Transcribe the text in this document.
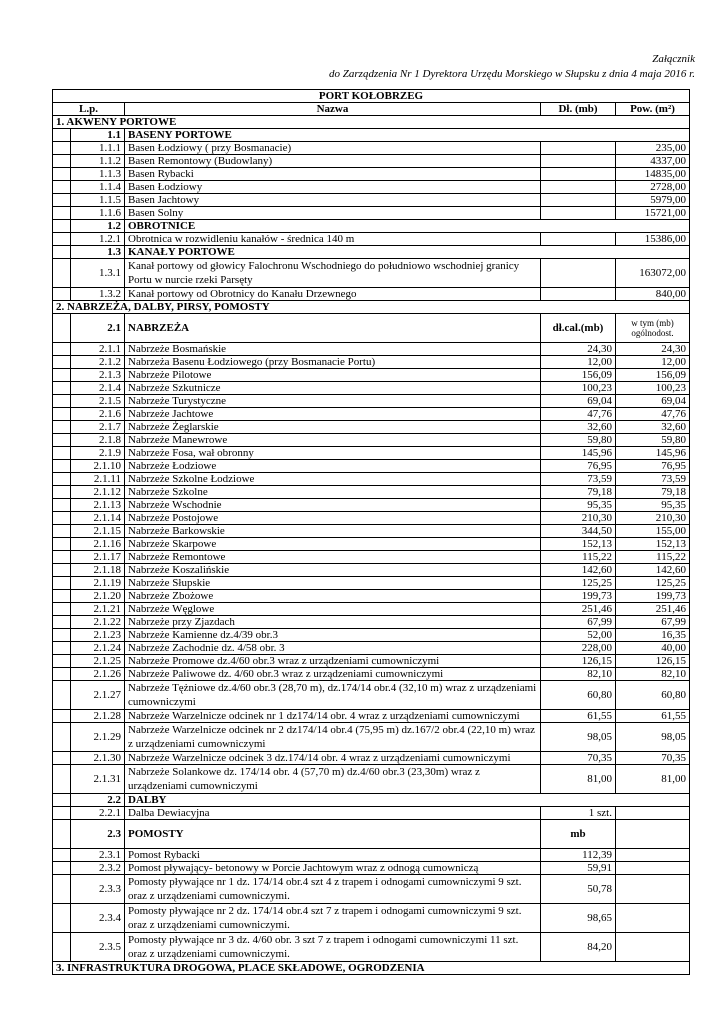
Załącznik
do Zarządzenia Nr 1 Dyrektora Urzędu Morskiego w Słupsku z dnia 4 maja 2016 r.
PORT KOŁOBRZEG				
L.p.		Nazwa	Dł. (mb)	Pow. (m²)
1. AKWENY PORTOWE				
	1.1	BASENY PORTOWE		
	1.1.1	Basen Łodziowy ( przy Bosmanacie)		235,00
	1.1.2	Basen Remontowy (Budowlany)		4337,00
	1.1.3	Basen Rybacki		14835,00
	1.1.4	Basen Łodziowy		2728,00
	1.1.5	Basen Jachtowy		5979,00
	1.1.6	Basen Solny		15721,00
	1.2	OBROTNICE		
	1.2.1	Obrotnica w rozwidleniu kanałów - średnica 140 m		15386,00
	1.3	KANAŁY PORTOWE		
	1.3.1	Kanał portowy od głowicy Falochronu Wschodniego do południowo wschodniej granicy Portu w nurcie rzeki Parsęty		163072,00
	1.3.2	Kanał portowy od Obrotnicy do Kanału Drzewnego		840,00
2. NABRZEŻA, DALBY, PIRSY, POMOSTY				
	2.1	NABRZEŻA	dł.cal.(mb)	w tym (mb) ogólnodost.
	2.1.1	Nabrzeże Bosmańskie	24,30	24,30
	2.1.2	Nabrzeża Basenu Łodziowego (przy Bosmanacie Portu)	12,00	12,00
	2.1.3	Nabrzeże Pilotowe	156,09	156,09
	2.1.4	Nabrzeże Szkutnicze	100,23	100,23
	2.1.5	Nabrzeże Turystyczne	69,04	69,04
	2.1.6	Nabrzeże Jachtowe	47,76	47,76
	2.1.7	Nabrzeże Żeglarskie	32,60	32,60
	2.1.8	Nabrzeże Manewrowe	59,80	59,80
	2.1.9	Nabrzeże Fosa, wał obronny	145,96	145,96
	2.1.10	Nabrzeże Łodziowe	76,95	76,95
	2.1.11	Nabrzeże Szkolne Łodziowe	73,59	73,59
	2.1.12	Nabrzeże Szkolne	79,18	79,18
	2.1.13	Nabrzeże Wschodnie	95,35	95,35
	2.1.14	Nabrzeże Postojowe	210,30	210,30
	2.1.15	Nabrzeże Barkowskie	344,50	155,00
	2.1.16	Nabrzeże Skarpowe	152,13	152,13
	2.1.17	Nabrzeże Remontowe	115,22	115,22
	2.1.18	Nabrzeże Koszalińskie	142,60	142,60
	2.1.19	Nabrzeże Słupskie	125,25	125,25
	2.1.20	Nabrzeże Zbożowe	199,73	199,73
	2.1.21	Nabrzeże Węglowe	251,46	251,46
	2.1.22	Nabrzeże przy Zjazdach	67,99	67,99
	2.1.23	Nabrzeże Kamienne dz.4/39 obr.3	52,00	16,35
	2.1.24	Nabrzeże Zachodnie dz. 4/58 obr. 3	228,00	40,00
	2.1.25	Nabrzeże Promowe dz.4/60 obr.3 wraz z urządzeniami cumowniczymi	126,15	126,15
	2.1.26	Nabrzeże Paliwowe dz. 4/60 obr.3 wraz z urządzeniami cumowniczymi	82,10	82,10
	2.1.27	Nabrzeże Tężniowe dz.4/60 obr.3 (28,70 m), dz.174/14 obr.4 (32,10 m) wraz z urządzeniami cumowniczymi	60,80	60,80
	2.1.28	Nabrzeże Warzelnicze odcinek nr 1 dz174/14 obr. 4 wraz z urządzeniami cumowniczymi	61,55	61,55
	2.1.29	Nabrzeże Warzelnicze odcinek nr 2 dz174/14 obr.4 (75,95 m) dz.167/2 obr.4 (22,10 m) wraz z urządzeniami cumowniczymi	98,05	98,05
	2.1.30	Nabrzeże Warzelnicze odcinek 3 dz.174/14 obr. 4 wraz z urządzeniami cumowniczymi	70,35	70,35
	2.1.31	Nabrzeże Solankowe dz. 174/14 obr. 4 (57,70 m) dz.4/60 obr.3 (23,30m) wraz z urządzeniami cumowniczymi	81,00	81,00
	2.2	DALBY		
	2.2.1	Dalba Dewiacyjna	1 szt.	
	2.3	POMOSTY	mb	
	2.3.1	Pomost Rybacki	112,39	
	2.3.2	Pomost pływający- betonowy w Porcie Jachtowym wraz z odnogą cumowniczą	59,91	
	2.3.3	Pomosty pływające nr 1 dz. 174/14 obr.4 szt 4 z trapem i odnogami cumowniczymi 9 szt. oraz z urządzeniami cumowniczymi.	50,78	
	2.3.4	Pomosty pływające nr 2 dz. 174/14 obr.4 szt 7 z trapem i odnogami cumowniczymi 9 szt. oraz z urządzeniami cumowniczymi.	98,65	
	2.3.5	Pomosty pływające nr 3 dz. 4/60 obr. 3 szt 7 z trapem i odnogami cumowniczymi 11 szt. oraz z urządzeniami cumowniczymi.	84,20	
3. INFRASTRUKTURA DROGOWA, PLACE SKŁADOWE, OGRODZENIA				
